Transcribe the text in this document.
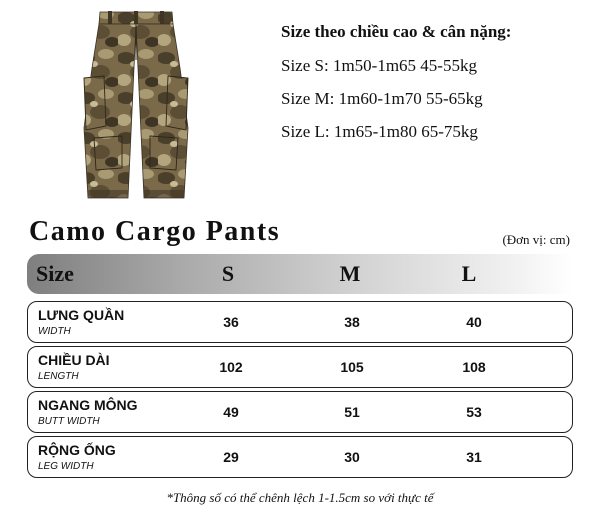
Size theo chiều cao & cân nặng:
Size S: 1m50-1m65 45-55kg
Size M: 1m60-1m70 55-65kg
Size L: 1m65-1m80 65-75kg
Camo Cargo Pants	(Đơn vị: cm)
Size	S	M	L
LƯNG QUẦN
WIDTH
36	38	40
CHIỀU DÀI
LENGTH
102	105	108
NGANG MÔNG
BUTT WIDTH
49	51	53
RỘNG ỐNG
LEG WIDTH
29	30	31
*Thông số có thể chênh lệch 1-1.5cm so với thực tế
